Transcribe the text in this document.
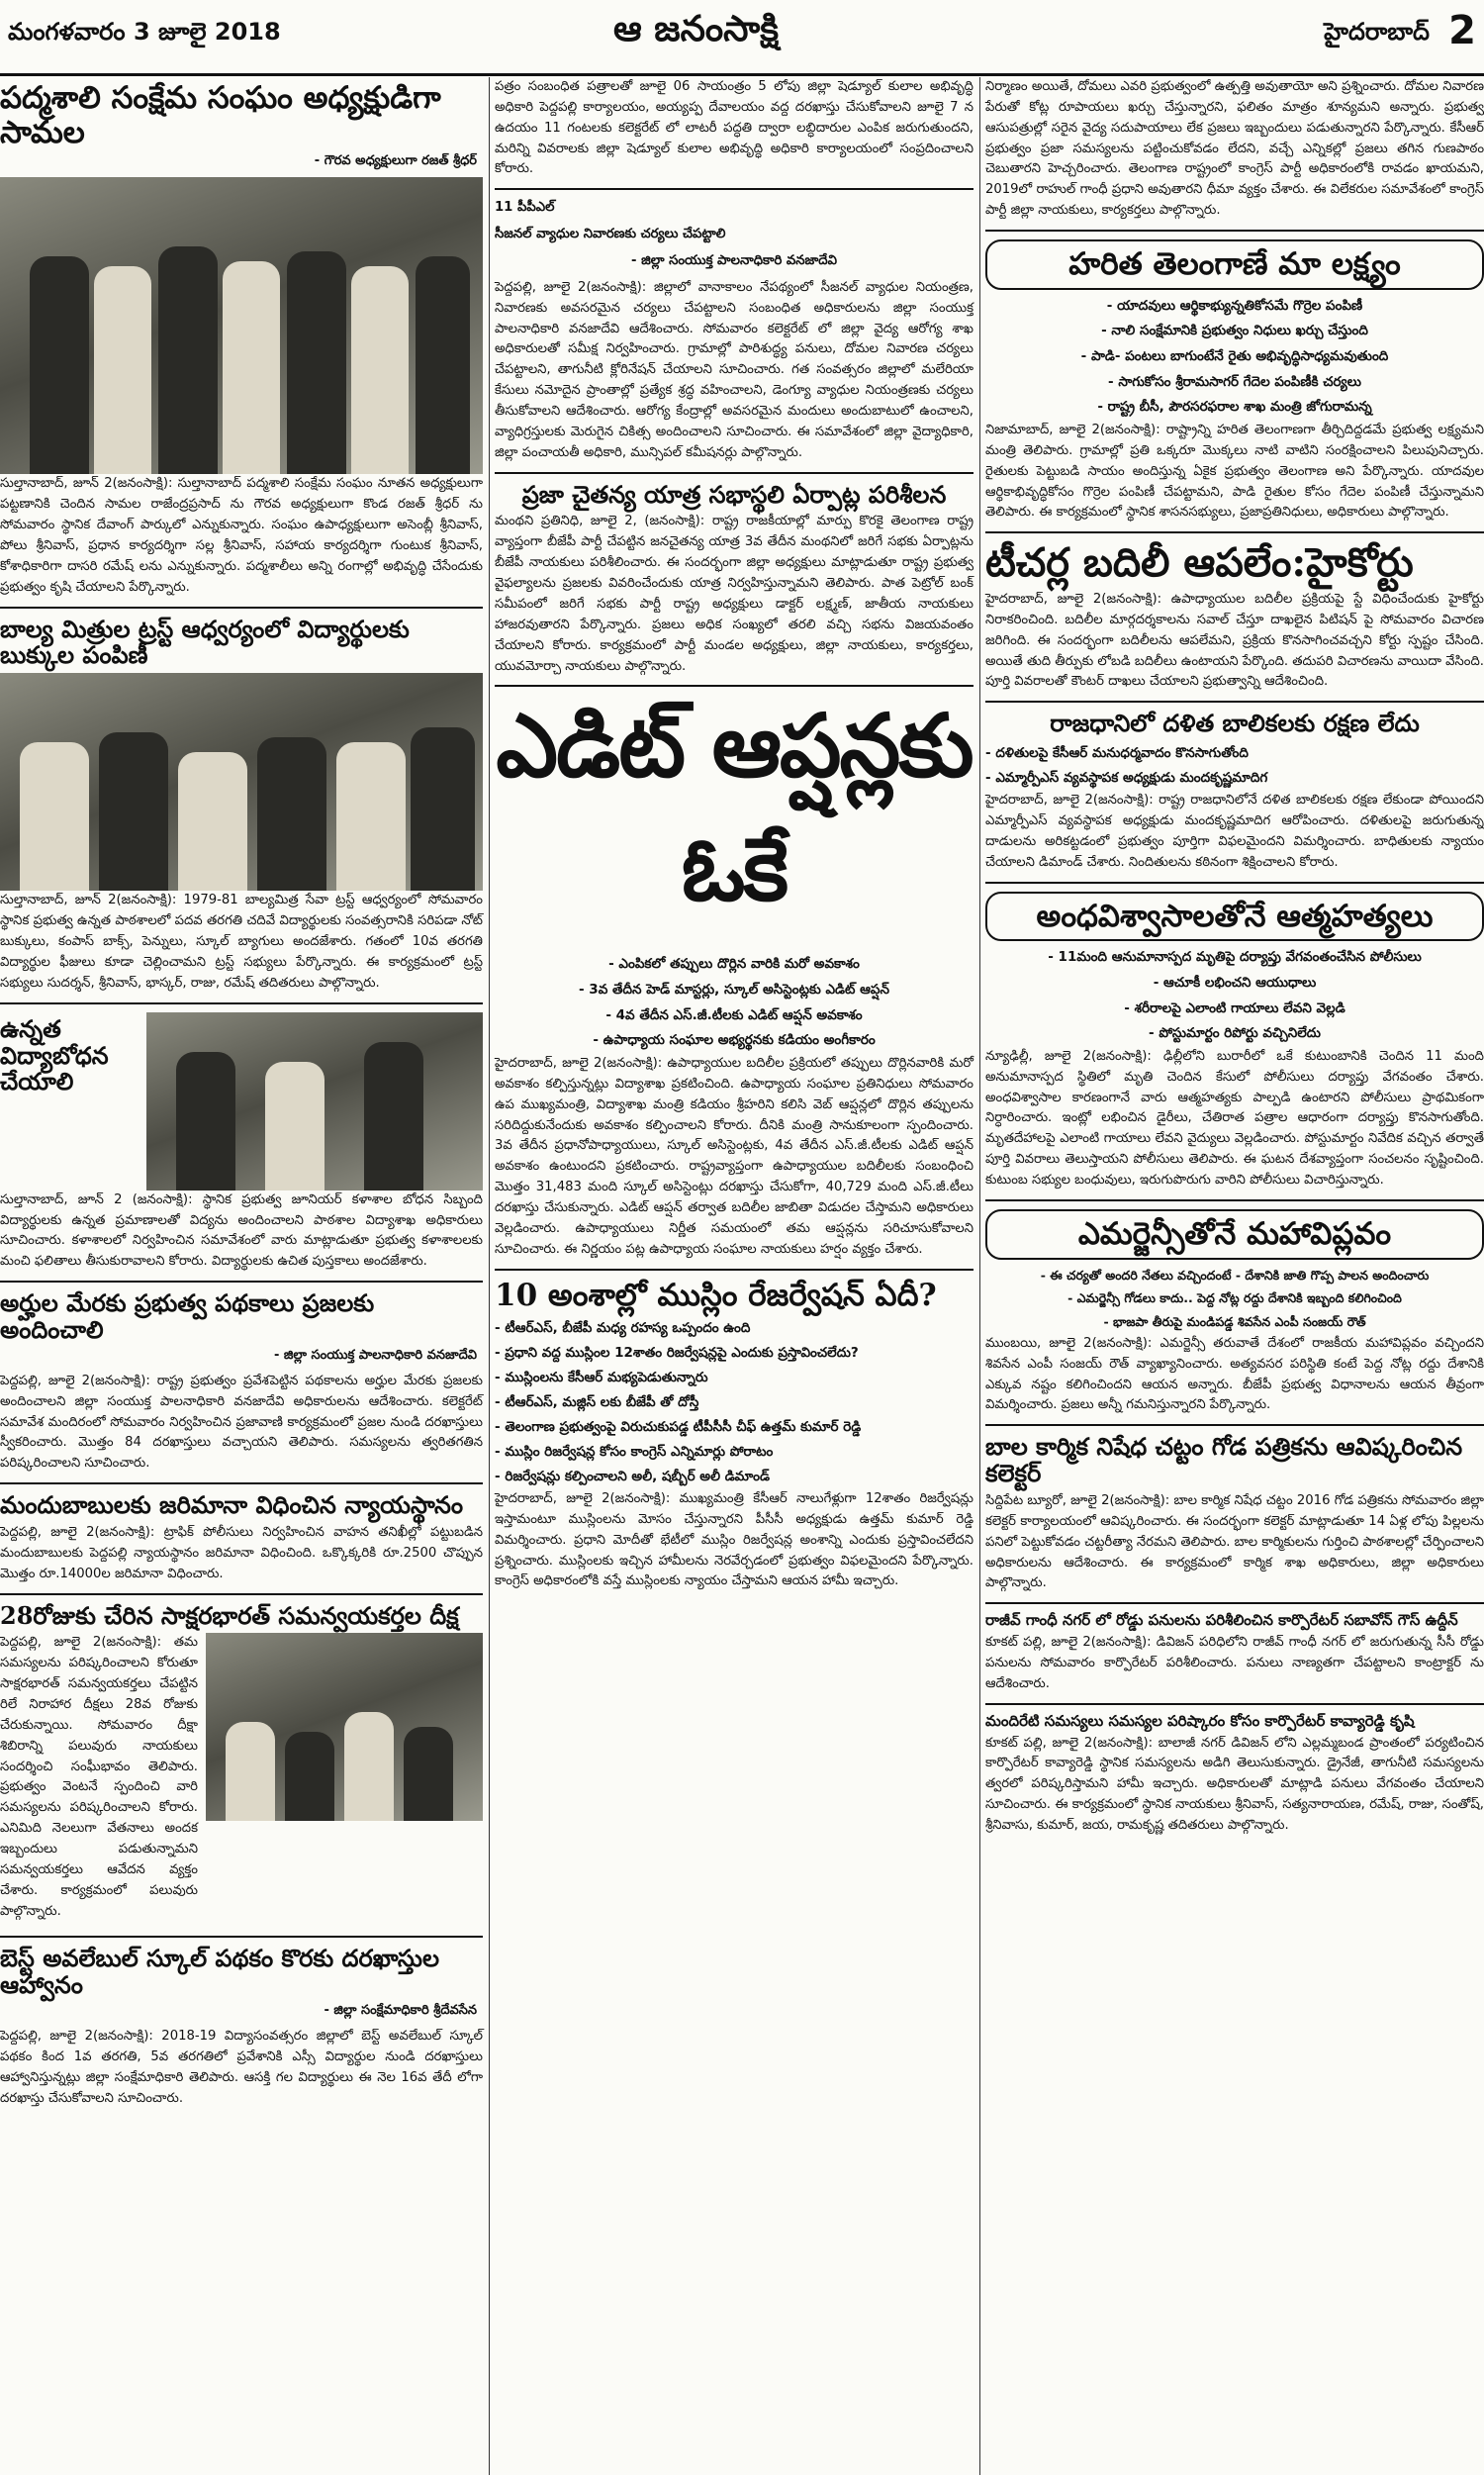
మంగళవారం 3 జూలై 2018	ఆ జనంసాక్షి	హైదరాబాద్ 2
పద్మశాలి సంక్షేమ సంఘం అధ్యక్షుడిగా సామల
- గౌరవ అధ్యక్షులుగా రజత్ శ్రీధర్

సుల్తానాబాద్, జూన్ 2(జనంసాక్షి): సుల్తానాబాద్ పద్మశాలి సంక్షేమ సంఘం నూతన అధ్యక్షులుగా పట్టణానికి చెందిన సామల రాజేంద్రప్రసాద్ ను గౌరవ అధ్యక్షులుగా కొండ రజత్ శ్రీధర్ ను సోమవారం స్థానిక దేవాంగ్ పార్కులో ఎన్నుకున్నారు. సంఘం ఉపాధ్యక్షులుగా అసెంబ్లీ శ్రీనివాస్, పోలు శ్రీనివాస్, ప్రధాన కార్యదర్శిగా సల్ల శ్రీనివాస్, సహాయ కార్యదర్శిగా గుంటుక శ్రీనివాస్, కోశాధికారిగా దాసరి రమేష్ లను ఎన్నుకున్నారు. పద్మశాలీలు అన్ని రంగాల్లో అభివృద్ధి చేసేందుకు ప్రభుత్వం కృషి చేయాలని పేర్కొన్నారు.

బాల్య మిత్రుల ట్రస్ట్ ఆధ్వర్యంలో విద్యార్థులకు బుక్కుల పంపిణీ

సుల్తానాబాద్, జూన్ 2(జనంసాక్షి): 1979-81 బాల్యమిత్ర సేవా ట్రస్ట్ ఆధ్వర్యంలో సోమవారం స్థానిక ప్రభుత్వ ఉన్నత పాఠశాలలో పదవ తరగతి చదివే విద్యార్థులకు సంవత్సరానికి సరిపడా నోట్ బుక్కులు, కంపాస్ బాక్స్, పెన్నులు, స్కూల్ బ్యాగులు అందజేశారు. గతంలో 10వ తరగతి విద్యార్థుల ఫీజులు కూడా చెల్లించామని ట్రస్ట్ సభ్యులు పేర్కొన్నారు. ఈ కార్యక్రమంలో ట్రస్ట్ సభ్యులు సుదర్శన్, శ్రీనివాస్, భాస్కర్, రాజు, రమేష్ తదితరులు పాల్గొన్నారు.

ఉన్నత విద్యాబోధన చేయాలి

సుల్తానాబాద్, జూన్ 2 (జనంసాక్షి): స్థానిక ప్రభుత్వ జూనియర్ కళాశాల బోధన సిబ్బంది విద్యార్థులకు ఉన్నత ప్రమాణాలతో విద్యను అందించాలని పాఠశాల విద్యాశాఖ అధికారులు సూచించారు. కళాశాలలో నిర్వహించిన సమావేశంలో వారు మాట్లాడుతూ ప్రభుత్వ కళాశాలలకు మంచి ఫలితాలు తీసుకురావాలని కోరారు. విద్యార్థులకు ఉచిత పుస్తకాలు అందజేశారు.

అర్హుల మేరకు ప్రభుత్వ పథకాలు ప్రజలకు అందించాలి
- జిల్లా సంయుక్త పాలనాధికారి వనజాదేవి

పెద్దపల్లి, జూలై 2(జనంసాక్షి): రాష్ట్ర ప్రభుత్వం ప్రవేశపెట్టిన పథకాలను అర్హుల మేరకు ప్రజలకు అందించాలని జిల్లా సంయుక్త పాలనాధికారి వనజాదేవి అధికారులను ఆదేశించారు. కలెక్టరేట్ సమావేశ మందిరంలో సోమవారం నిర్వహించిన ప్రజావాణి కార్యక్రమంలో ప్రజల నుండి దరఖాస్తులు స్వీకరించారు. మొత్తం 84 దరఖాస్తులు వచ్చాయని తెలిపారు. సమస్యలను త్వరితగతిన పరిష్కరించాలని సూచించారు.

మందుబాబులకు జరిమానా విధించిన న్యాయస్థానం

పెద్దపల్లి, జూలై 2(జనంసాక్షి): ట్రాఫిక్ పోలీసులు నిర్వహించిన వాహన తనిఖీల్లో పట్టుబడిన మందుబాబులకు పెద్దపల్లి న్యాయస్థానం జరిమానా విధించింది. ఒక్కొక్కరికి రూ.2500 చొప్పున మొత్తం రూ.14000ల జరిమానా విధించారు.

28రోజుకు చేరిన సాక్షరభారత్ సమన్వయకర్తల దీక్ష

పెద్దపల్లి, జూలై 2(జనంసాక్షి): తమ సమస్యలను పరిష్కరించాలని కోరుతూ సాక్షరభారత్ సమన్వయకర్తలు చేపట్టిన రిలే నిరాహార దీక్షలు 28వ రోజుకు చేరుకున్నాయి. సోమవారం దీక్షా శిబిరాన్ని పలువురు నాయకులు సందర్శించి సంఘీభావం తెలిపారు. ప్రభుత్వం వెంటనే స్పందించి వారి సమస్యలను పరిష్కరించాలని కోరారు. ఎనిమిది నెలలుగా వేతనాలు అందక ఇబ్బందులు పడుతున్నామని సమన్వయకర్తలు ఆవేదన వ్యక్తం చేశారు. కార్యక్రమంలో పలువురు పాల్గొన్నారు.

బెస్ట్ అవలేబుల్ స్కూల్ పథకం కొరకు దరఖాస్తుల ఆహ్వానం
- జిల్లా సంక్షేమాధికారి శ్రీదేవసేన

పెద్దపల్లి, జూలై 2(జనంసాక్షి): 2018-19 విద్యాసంవత్సరం జిల్లాలో బెస్ట్ అవలేబుల్ స్కూల్ పథకం కింద 1వ తరగతి, 5వ తరగతిలో ప్రవేశానికి ఎస్సీ విద్యార్థుల నుండి దరఖాస్తులు ఆహ్వానిస్తున్నట్లు జిల్లా సంక్షేమాధికారి తెలిపారు. ఆసక్తి గల విద్యార్థులు ఈ నెల 16వ తేదీ లోగా దరఖాస్తు చేసుకోవాలని సూచించారు.

పత్రం సంబంధిత పత్రాలతో జూలై 06 సాయంత్రం 5 లోపు జిల్లా షెడ్యూల్ కులాల అభివృద్ధి అధికారి పెద్దపల్లి కార్యాలయం, అయ్యప్ప దేవాలయం వద్ద దరఖాస్తు చేసుకోవాలని జూలై 7 న ఉదయం 11 గంటలకు కలెక్టరేట్ లో లాటరీ పద్ధతి ద్వారా లబ్ధిదారుల ఎంపిక జరుగుతుందని, మరిన్ని వివరాలకు జిల్లా షెడ్యూల్ కులాల అభివృద్ధి అధికారి కార్యాలయంలో సంప్రదించాలని కోరారు.

11 పీపీఎల్
సీజనల్ వ్యాధుల నివారణకు చర్యలు చేపట్టాలి
- జిల్లా సంయుక్త పాలనాధికారి వనజాదేవి

పెద్దపల్లి, జూలై 2(జనంసాక్షి): జిల్లాలో వానాకాలం నేపథ్యంలో సీజనల్ వ్యాధుల నియంత్రణ, నివారణకు అవసరమైన చర్యలు చేపట్టాలని సంబంధిత అధికారులను జిల్లా సంయుక్త పాలనాధికారి వనజాదేవి ఆదేశించారు. సోమవారం కలెక్టరేట్ లో జిల్లా వైద్య ఆరోగ్య శాఖ అధికారులతో సమీక్ష నిర్వహించారు. గ్రామాల్లో పారిశుద్ధ్య పనులు, దోమల నివారణ చర్యలు చేపట్టాలని, తాగునీటి క్లోరినేషన్ చేయాలని సూచించారు. గత సంవత్సరం జిల్లాలో మలేరియా కేసులు నమోదైన ప్రాంతాల్లో ప్రత్యేక శ్రద్ధ వహించాలని, డెంగ్యూ వ్యాధుల నియంత్రణకు చర్యలు తీసుకోవాలని ఆదేశించారు. ఆరోగ్య కేంద్రాల్లో అవసరమైన మందులు అందుబాటులో ఉంచాలని, వ్యాధిగ్రస్తులకు మెరుగైన చికిత్స అందించాలని సూచించారు. ఈ సమావేశంలో జిల్లా వైద్యాధికారి, జిల్లా పంచాయతీ అధికారి, మున్సిపల్ కమీషనర్లు పాల్గొన్నారు.

ప్రజా చైతన్య యాత్ర సభాస్థలి ఏర్పాట్ల పరిశీలన

మంథని ప్రతినిధి, జూలై 2, (జనంసాక్షి): రాష్ట్ర రాజకీయాల్లో మార్పు కొరకై తెలంగాణ రాష్ట్ర వ్యాప్తంగా బీజేపీ పార్టీ చేపట్టిన జనచైతన్య యాత్ర 3వ తేదీన మంథనిలో జరిగే సభకు ఏర్పాట్లను బీజేపీ నాయకులు పరిశీలించారు. ఈ సందర్భంగా జిల్లా అధ్యక్షులు మాట్లాడుతూ రాష్ట్ర ప్రభుత్వ వైఫల్యాలను ప్రజలకు వివరించేందుకు యాత్ర నిర్వహిస్తున్నామని తెలిపారు. పాత పెట్రోల్ బంక్ సమీపంలో జరిగే సభకు పార్టీ రాష్ట్ర అధ్యక్షులు డాక్టర్ లక్ష్మణ్, జాతీయ నాయకులు హాజరవుతారని పేర్కొన్నారు. ప్రజలు అధిక సంఖ్యలో తరలి వచ్చి సభను విజయవంతం చేయాలని కోరారు. కార్యక్రమంలో పార్టీ మండల అధ్యక్షులు, జిల్లా నాయకులు, కార్యకర్తలు, యువమోర్చా నాయకులు పాల్గొన్నారు.

ఎడిట్ ఆప్షన్లకు ఓకే
- ఎంపికలో తప్పులు దొర్లిన వారికి మరో అవకాశం
- 3వ తేదీన హెడ్ మాస్టర్లు, స్కూల్ అసిస్టెంట్లకు ఎడిట్ ఆప్షన్
- 4వ తేదీన ఎస్.జీ.టీలకు ఎడిట్ ఆప్షన్ అవకాశం
- ఉపాధ్యాయ సంఘాల అభ్యర్థనకు కడియం అంగీకారం

హైదరాబాద్, జూలై 2(జనంసాక్షి): ఉపాధ్యాయుల బదిలీల ప్రక్రియలో తప్పులు దొర్లినవారికి మరో అవకాశం కల్పిస్తున్నట్లు విద్యాశాఖ ప్రకటించింది. ఉపాధ్యాయ సంఘాల ప్రతినిధులు సోమవారం ఉప ముఖ్యమంత్రి, విద్యాశాఖ మంత్రి కడియం శ్రీహరిని కలిసి వెబ్ ఆప్షన్లలో దొర్లిన తప్పులను సరిదిద్దుకునేందుకు అవకాశం కల్పించాలని కోరారు. దీనికి మంత్రి సానుకూలంగా స్పందించారు. 3వ తేదీన ప్రధానోపాధ్యాయులు, స్కూల్ అసిస్టెంట్లకు, 4వ తేదీన ఎస్.జీ.టీలకు ఎడిట్ ఆప్షన్ అవకాశం ఉంటుందని ప్రకటించారు. రాష్ట్రవ్యాప్తంగా ఉపాధ్యాయుల బదిలీలకు సంబంధించి మొత్తం 31,483 మంది స్కూల్ అసిస్టెంట్లు దరఖాస్తు చేసుకోగా, 40,729 మంది ఎస్.జీ.టీలు దరఖాస్తు చేసుకున్నారు. ఎడిట్ ఆప్షన్ తర్వాత బదిలీల జాబితా విడుదల చేస్తామని అధికారులు వెల్లడించారు. ఉపాధ్యాయులు నిర్ణీత సమయంలో తమ ఆప్షన్లను సరిచూసుకోవాలని సూచించారు. ఈ నిర్ణయం పట్ల ఉపాధ్యాయ సంఘాల నాయకులు హర్షం వ్యక్తం చేశారు.

10 అంశాల్లో ముస్లిం రేజర్వేషన్ ఏదీ?
- టీఆర్ఎస్, బీజేపీ మధ్య రహస్య ఒప్పందం ఉంది
- ప్రధాని వద్ద ముస్లింల 12శాతం రిజర్వేషన్లపై ఎందుకు ప్రస్తావించలేదు?
- ముస్లింలను కేసీఆర్ మభ్యపెడుతున్నారు
- టీఆర్ఎస్, మజ్లిస్ లకు బీజేపీ తో దోస్తీ
- తెలంగాణ ప్రభుత్వంపై విరుచుకుపడ్డ టీపీసీసీ చీఫ్ ఉత్తమ్ కుమార్ రెడ్డి
- ముస్లిం రిజర్వేషన్ల కోసం కాంగ్రెస్ ఎన్నిమార్లు పోరాటం
- రిజర్వేషన్లు కల్పించాలని అలీ, షబ్బీర్ అలీ డిమాండ్

హైదరాబాద్, జూలై 2(జనంసాక్షి): ముఖ్యమంత్రి కేసీఆర్ నాలుగేళ్లుగా 12శాతం రిజర్వేషన్లు ఇస్తామంటూ ముస్లింలను మోసం చేస్తున్నారని పీసీసీ అధ్యక్షుడు ఉత్తమ్ కుమార్ రెడ్డి విమర్శించారు. ప్రధాని మోదీతో భేటీలో ముస్లిం రిజర్వేషన్ల అంశాన్ని ఎందుకు ప్రస్తావించలేదని ప్రశ్నించారు. ముస్లింలకు ఇచ్చిన హామీలను నెరవేర్చడంలో ప్రభుత్వం విఫలమైందని పేర్కొన్నారు. కాంగ్రెస్ అధికారంలోకి వస్తే ముస్లింలకు న్యాయం చేస్తామని ఆయన హామీ ఇచ్చారు.

నిర్మాణం అయితే, దోమలు ఎవరి ప్రభుత్వంలో ఉత్పత్తి అవుతాయో అని ప్రశ్నించారు. దోమల నివారణ పేరుతో కోట్ల రూపాయలు ఖర్చు చేస్తున్నారని, ఫలితం మాత్రం శూన్యమని అన్నారు. ప్రభుత్వ ఆసుపత్రుల్లో సరైన వైద్య సదుపాయాలు లేక ప్రజలు ఇబ్బందులు పడుతున్నారని పేర్కొన్నారు. కేసీఆర్ ప్రభుత్వం ప్రజా సమస్యలను పట్టించుకోవడం లేదని, వచ్చే ఎన్నికల్లో ప్రజలు తగిన గుణపాఠం చెబుతారని హెచ్చరించారు. తెలంగాణ రాష్ట్రంలో కాంగ్రెస్ పార్టీ అధికారంలోకి రావడం ఖాయమని, 2019లో రాహుల్ గాంధీ ప్రధాని అవుతారని ధీమా వ్యక్తం చేశారు. ఈ విలేకరుల సమావేశంలో కాంగ్రెస్ పార్టీ జిల్లా నాయకులు, కార్యకర్తలు పాల్గొన్నారు.

హరిత తెలంగాణే మా లక్ష్యం
- యాదవులు ఆర్థికాభ్యున్నతికోసమే గొర్రెల పంపిణీ
- నాలి సంక్షేమానికి ప్రభుత్వం నిధులు ఖర్చు చేస్తుంది
- పాడి- పంటలు బాగుంటేనే రైతు అభివృద్ధిసాధ్యమవుతుంది
- సాగుకోసం శ్రీరామసాగర్ గేదెల పంపిణీకి చర్యలు
- రాష్ట్ర బీసీ, పౌరసరఫరాల శాఖ మంత్రి జోగురామన్న

నిజామాబాద్, జూలై 2(జనంసాక్షి): రాష్ట్రాన్ని హరిత తెలంగాణగా తీర్చిదిద్దడమే ప్రభుత్వ లక్ష్యమని మంత్రి తెలిపారు. గ్రామాల్లో ప్రతి ఒక్కరూ మొక్కలు నాటి వాటిని సంరక్షించాలని పిలుపునిచ్చారు. రైతులకు పెట్టుబడి సాయం అందిస్తున్న ఏకైక ప్రభుత్వం తెలంగాణ అని పేర్కొన్నారు. యాదవుల ఆర్థికాభివృద్ధికోసం గొర్రెల పంపిణీ చేపట్టామని, పాడి రైతుల కోసం గేదెల పంపిణీ చేస్తున్నామని తెలిపారు. ఈ కార్యక్రమంలో స్థానిక శాసనసభ్యులు, ప్రజాప్రతినిధులు, అధికారులు పాల్గొన్నారు.

టీచర్ల బదిలీ ఆపలేం:హైకోర్టు

హైదరాబాద్, జూలై 2(జనంసాక్షి): ఉపాధ్యాయుల బదిలీల ప్రక్రియపై స్టే విధించేందుకు హైకోర్టు నిరాకరించింది. బదిలీల మార్గదర్శకాలను సవాల్ చేస్తూ దాఖలైన పిటిషన్ పై సోమవారం విచారణ జరిగింది. ఈ సందర్భంగా బదిలీలను ఆపలేమని, ప్రక్రియ కొనసాగించవచ్చని కోర్టు స్పష్టం చేసింది. అయితే తుది తీర్పుకు లోబడి బదిలీలు ఉంటాయని పేర్కొంది. తదుపరి విచారణను వాయిదా వేసింది. పూర్తి వివరాలతో కౌంటర్ దాఖలు చేయాలని ప్రభుత్వాన్ని ఆదేశించింది.

రాజధానిలో దళిత బాలికలకు రక్షణ లేదు
- దళితులపై కేసీఆర్ మనుధర్మవాదం కొనసాగుతోంది
- ఎమ్మార్పీఎస్ వ్యవస్థాపక అధ్యక్షుడు మందకృష్ణమాదిగ

హైదరాబాద్, జూలై 2(జనంసాక్షి): రాష్ట్ర రాజధానిలోనే దళిత బాలికలకు రక్షణ లేకుండా పోయిందని ఎమ్మార్పీఎస్ వ్యవస్థాపక అధ్యక్షుడు మందకృష్ణమాదిగ ఆరోపించారు. దళితులపై జరుగుతున్న దాడులను అరికట్టడంలో ప్రభుత్వం పూర్తిగా విఫలమైందని విమర్శించారు. బాధితులకు న్యాయం చేయాలని డిమాండ్ చేశారు. నిందితులను కఠినంగా శిక్షించాలని కోరారు.

అంధవిశ్వాసాలతోనే ఆత్మహత్యలు
- 11మంది ఆనుమానాస్పద మృతిపై దర్యాప్తు వేగవంతంచేసిన పోలీసులు
- ఆచూకీ లభించని ఆయుధాలు
- శరీరాలపై ఎలాంటి గాయాలు లేవని వెల్లడి
- పోస్టుమార్టం రిపోర్టు వచ్చినిలేదు

న్యూఢిల్లీ, జూలై 2(జనంసాక్షి): ఢిల్లీలోని బురారీలో ఒకే కుటుంబానికి చెందిన 11 మంది అనుమానాస్పద స్థితిలో మృతి చెందిన కేసులో పోలీసులు దర్యాప్తు వేగవంతం చేశారు. అంధవిశ్వాసాల కారణంగానే వారు ఆత్మహత్యకు పాల్పడి ఉంటారని పోలీసులు ప్రాథమికంగా నిర్ధారించారు. ఇంట్లో లభించిన డైరీలు, చేతిరాత పత్రాల ఆధారంగా దర్యాప్తు కొనసాగుతోంది. మృతదేహాలపై ఎలాంటి గాయాలు లేవని వైద్యులు వెల్లడించారు. పోస్టుమార్టం నివేదిక వచ్చిన తర్వాతే పూర్తి వివరాలు తెలుస్తాయని పోలీసులు తెలిపారు. ఈ ఘటన దేశవ్యాప్తంగా సంచలనం సృష్టించింది. కుటుంబ సభ్యుల బంధువులు, ఇరుగుపొరుగు వారిని పోలీసులు విచారిస్తున్నారు.

ఎమర్జెన్సీతోనే మహావిప్లవం
- ఈ చర్యతో అందరి నేతలు వచ్చిందంటే - దేశానికి జాతి గొప్ప పాలన అందించారు
- ఎమర్జెన్సీ గోడలు కాదు.. పెద్ద నోట్ల రద్దు దేశానికి ఇబ్బంది కలిగించింది
- భాజపా తీరుపై మండిపడ్డ శివసేన ఎంపీ సంజయ్ రౌత్

ముంబయి, జూలై 2(జనంసాక్షి): ఎమర్జెన్సీ తరువాతే దేశంలో రాజకీయ మహావిప్లవం వచ్చిందని శివసేన ఎంపీ సంజయ్ రౌత్ వ్యాఖ్యానించారు. అత్యవసర పరిస్థితి కంటే పెద్ద నోట్ల రద్దు దేశానికి ఎక్కువ నష్టం కలిగించిందని ఆయన అన్నారు. బీజేపీ ప్రభుత్వ విధానాలను ఆయన తీవ్రంగా విమర్శించారు. ప్రజలు అన్నీ గమనిస్తున్నారని పేర్కొన్నారు.

బాల కార్మిక నిషేధ చట్టం గోడ పత్రికను ఆవిష్కరించిన కలెక్టర్

సిద్దిపేట బ్యూరో, జూలై 2(జనంసాక్షి): బాల కార్మిక నిషేధ చట్టం 2016 గోడ పత్రికను సోమవారం జిల్లా కలెక్టర్ కార్యాలయంలో ఆవిష్కరించారు. ఈ సందర్భంగా కలెక్టర్ మాట్లాడుతూ 14 ఏళ్ల లోపు పిల్లలను పనిలో పెట్టుకోవడం చట్టరీత్యా నేరమని తెలిపారు. బాల కార్మికులను గుర్తించి పాఠశాలల్లో చేర్పించాలని అధికారులను ఆదేశించారు. ఈ కార్యక్రమంలో కార్మిక శాఖ అధికారులు, జిల్లా అధికారులు పాల్గొన్నారు.

రాజీవ్ గాంధీ నగర్ లో రోడ్డు పనులను పరిశీలించిన కార్పొరేటర్ సబావోన్ గౌస్ ఉద్దీన్

కూకట్ పల్లి, జూలై 2(జనంసాక్షి): డివిజన్ పరిధిలోని రాజీవ్ గాంధీ నగర్ లో జరుగుతున్న సీసీ రోడ్డు పనులను సోమవారం కార్పొరేటర్ పరిశీలించారు. పనులు నాణ్యతగా చేపట్టాలని కాంట్రాక్టర్ ను ఆదేశించారు.

మందిరేటి సమస్యలు సమస్యల పరిష్కారం కోసం కార్పొరేటర్ కావ్యారెడ్డి కృషి

కూకట్ పల్లి, జూలై 2(జనంసాక్షి): బాలాజీ నగర్ డివిజన్ లోని ఎల్లమ్మబండ ప్రాంతంలో పర్యటించిన కార్పొరేటర్ కావ్యారెడ్డి స్థానిక సమస్యలను అడిగి తెలుసుకున్నారు. డ్రైనేజీ, తాగునీటి సమస్యలను త్వరలో పరిష్కరిస్తామని హామీ ఇచ్చారు. అధికారులతో మాట్లాడి పనులు వేగవంతం చేయాలని సూచించారు. ఈ కార్యక్రమంలో స్థానిక నాయకులు శ్రీనివాస్, సత్యనారాయణ, రమేష్, రాజు, సంతోష్, శ్రీనివాసు, కుమార్, జయ, రామకృష్ణ తదితరులు పాల్గొన్నారు.
